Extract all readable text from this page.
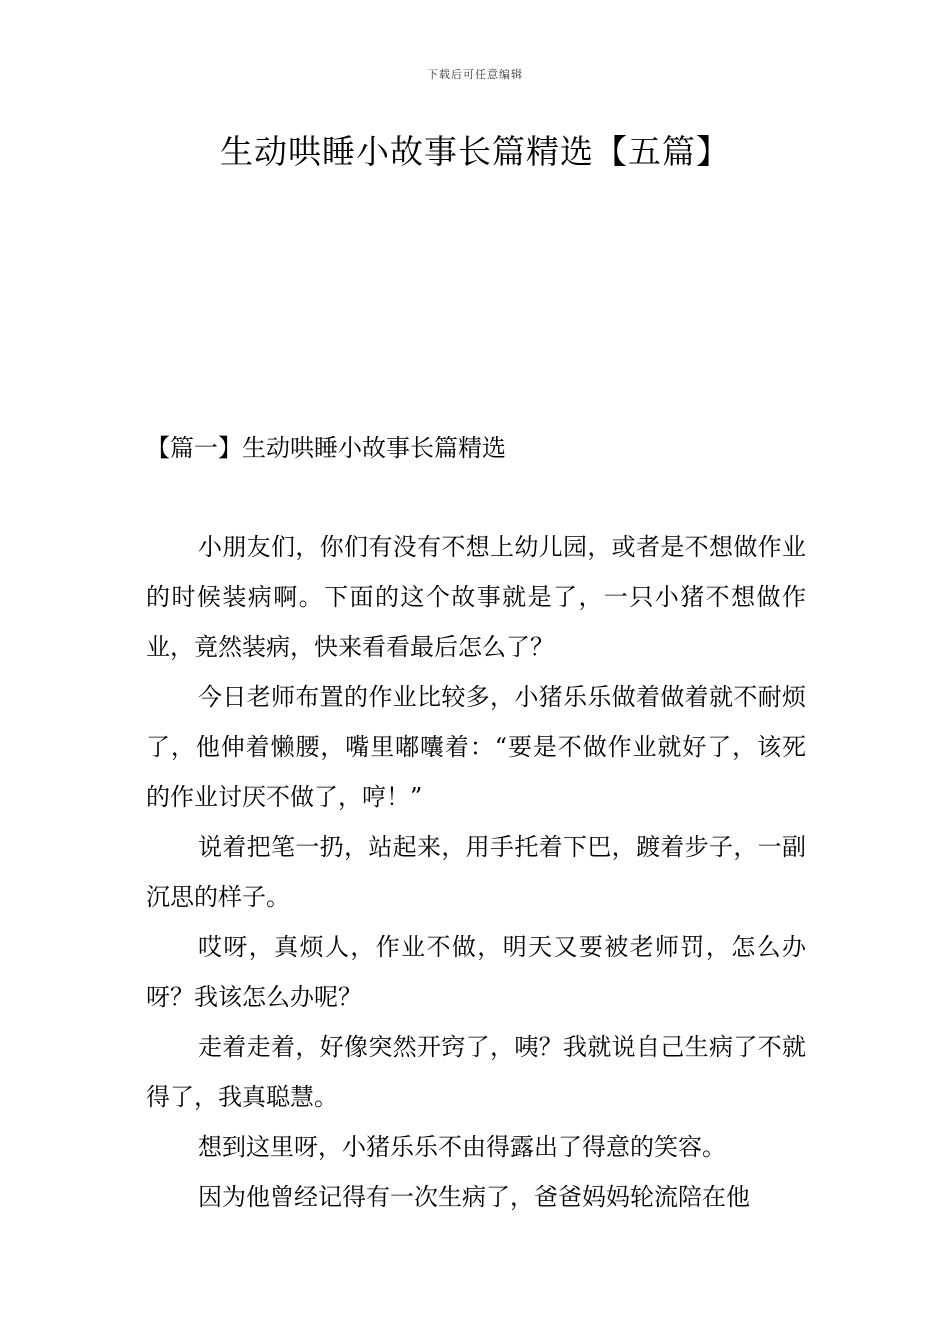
下载后可任意编辑
生动哄睡小故事长篇精选【五篇】
【篇一】生动哄睡小故事长篇精选

小朋友们，你们有没有不想上幼儿园，或者是不想做作业的时候装病啊。下面的这个故事就是了，一只小猪不想做作业，竟然装病，快来看看最后怎么了？

今日老师布置的作业比较多，小猪乐乐做着做着就不耐烦了，他伸着懒腰，嘴里嘟囔着：“要是不做作业就好了，该死的作业讨厌不做了，哼！”

说着把笔一扔，站起来，用手托着下巴，踱着步子，一副沉思的样子。

哎呀，真烦人，作业不做，明天又要被老师罚，怎么办呀？我该怎么办呢？

走着走着，好像突然开窍了，咦？我就说自己生病了不就得了，我真聪慧。

想到这里呀，小猪乐乐不由得露出了得意的笑容。

因为他曾经记得有一次生病了，爸爸妈妈轮流陪在他
